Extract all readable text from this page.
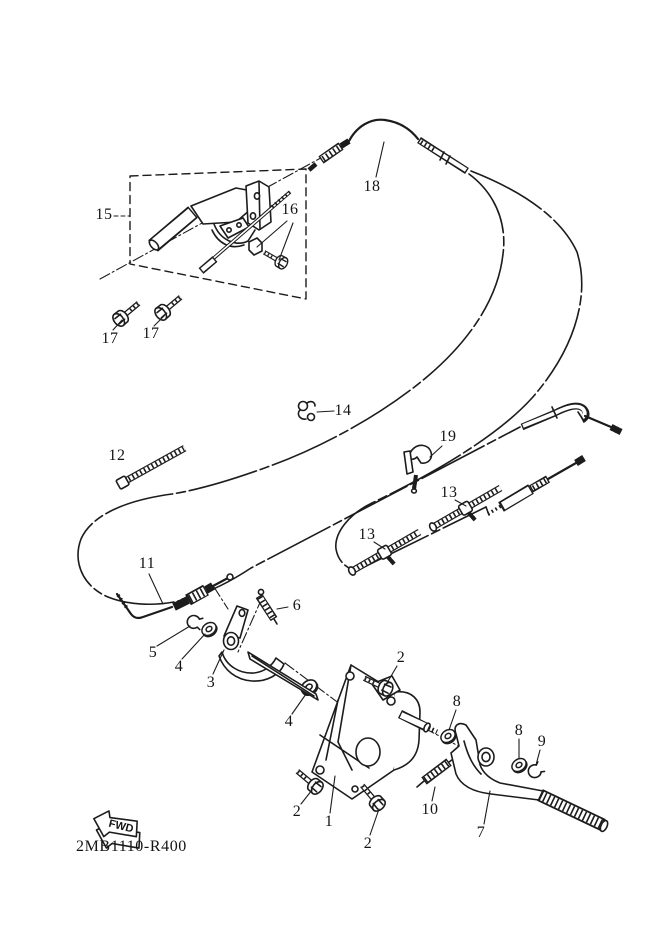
FWD
2MB1110-R400
15	16
17 17
18
14
19
13
13
12
11
6
5
4
3
2
4
8
8
9
2
1
2
10
7
